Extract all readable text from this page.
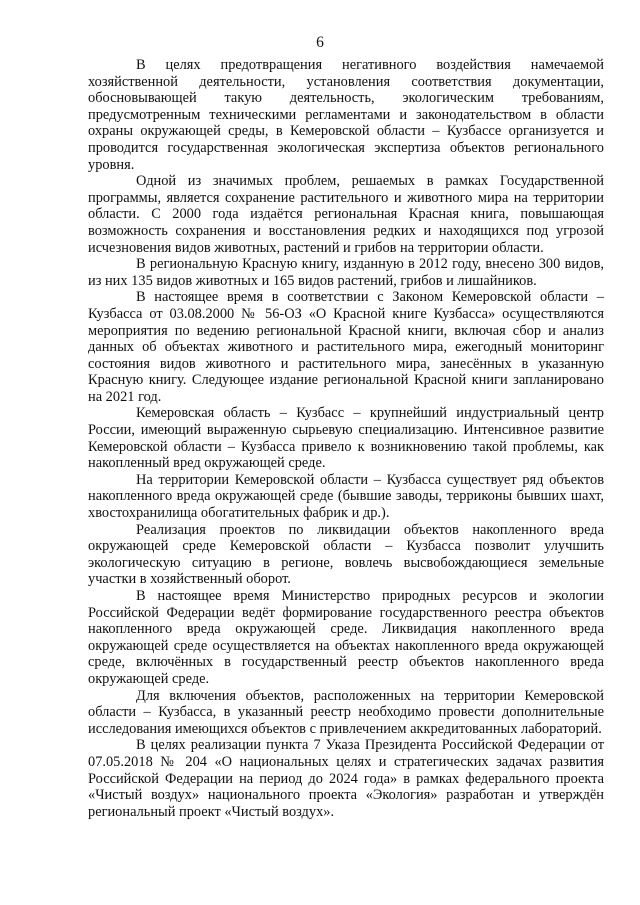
6

В целях предотвращения негативного воздействия намечаемой хозяйственной деятельности, установления соответствия документации, обосновывающей такую деятельность, экологическим требованиям, предусмотренным техническими регламентами и законодательством в области охраны окружающей среды, в Кемеровской области – Кузбассе организуется и проводится государственная экологическая экспертиза объектов регионального уровня.

Одной из значимых проблем, решаемых в рамках Государственной программы, является сохранение растительного и животного мира на территории области. С 2000 года издаётся региональная Красная книга, повышающая возможность сохранения и восстановления редких и находящихся под угрозой исчезновения видов животных, растений и грибов на территории области.

В региональную Красную книгу, изданную в 2012 году, внесено 300 видов, из них 135 видов животных и 165 видов растений, грибов и лишайников.

В настоящее время в соответствии с Законом Кемеровской области – Кузбасса от 03.08.2000 № 56-ОЗ «О Красной книге Кузбасса» осуществляются мероприятия по ведению региональной Красной книги, включая сбор и анализ данных об объектах животного и растительного мира, ежегодный мониторинг состояния видов животного и растительного мира, занесённых в указанную Красную книгу. Следующее издание региональной Красной книги запланировано на 2021 год.

Кемеровская область – Кузбасс – крупнейший индустриальный центр России, имеющий выраженную сырьевую специализацию. Интенсивное развитие Кемеровской области – Кузбасса привело к возникновению такой проблемы, как накопленный вред окружающей среде.

На территории Кемеровской области – Кузбасса существует ряд объектов накопленного вреда окружающей среде (бывшие заводы, терриконы бывших шахт, хвостохранилища обогатительных фабрик и др.).

Реализация проектов по ликвидации объектов накопленного вреда окружающей среде Кемеровской области – Кузбасса позволит улучшить экологическую ситуацию в регионе, вовлечь высвобождающиеся земельные участки в хозяйственный оборот.

В настоящее время Министерство природных ресурсов и экологии Российской Федерации ведёт формирование государственного реестра объектов накопленного вреда окружающей среде. Ликвидация накопленного вреда окружающей среде осуществляется на объектах накопленного вреда окружающей среде, включённых в государственный реестр объектов накопленного вреда окружающей среде.

Для включения объектов, расположенных на территории Кемеровской области – Кузбасса, в указанный реестр необходимо провести дополнительные исследования имеющихся объектов с привлечением аккредитованных лабораторий.

В целях реализации пункта 7 Указа Президента Российской Федерации от 07.05.2018 № 204 «О национальных целях и стратегических задачах развития Российской Федерации на период до 2024 года» в рамках федерального проекта «Чистый воздух» национального проекта «Экология» разработан и утверждён региональный проект «Чистый воздух».
